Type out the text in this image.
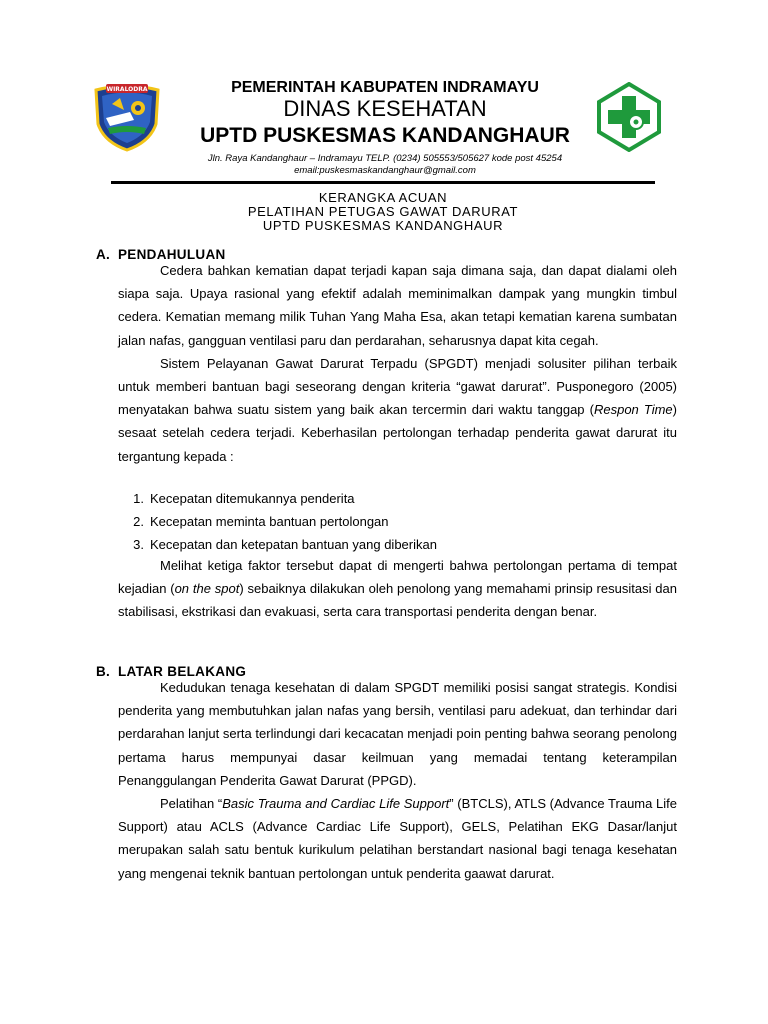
WIRALODRA	PEMERINTAH KABUPATEN INDRAMAYU
DINAS KESEHATAN
UPTD PUSKESMAS KANDANGHAUR
Jln. Raya Kandanghaur – Indramayu TELP. (0234) 505553/505627 kode post 45254
email:puskesmaskandanghaur@gmail.com
KERANGKA ACUAN
PELATIHAN PETUGAS GAWAT DARURAT
UPTD PUSKESMAS KANDANGHAUR
A. PENDAHULUAN

Cedera bahkan kematian dapat terjadi kapan saja dimana saja, dan dapat dialami oleh siapa saja. Upaya rasional yang efektif adalah meminimalkan dampak yang mungkin timbul cedera. Kematian memang milik Tuhan Yang Maha Esa, akan tetapi kematian karena sumbatan jalan nafas, gangguan ventilasi paru dan perdarahan, seharusnya dapat kita cegah.

Sistem Pelayanan Gawat Darurat Terpadu (SPGDT) menjadi solusiter pilihan terbaik untuk memberi bantuan bagi seseorang dengan kriteria “gawat darurat”. Pusponegoro (2005) menyatakan bahwa suatu sistem yang baik akan tercermin dari waktu tanggap (Respon Time) sesaat setelah cedera terjadi. Keberhasilan pertolongan terhadap penderita gawat darurat itu tergantung kepada :

1. Kecepatan ditemukannya penderita
2. Kecepatan meminta bantuan pertolongan
3. Kecepatan dan ketepatan bantuan yang diberikan

Melihat ketiga faktor tersebut dapat di mengerti bahwa pertolongan pertama di tempat kejadian (on the spot) sebaiknya dilakukan oleh penolong yang memahami prinsip resusitasi dan stabilisasi, ekstrikasi dan evakuasi, serta cara transportasi penderita dengan benar.

B. LATAR BELAKANG

Kedudukan tenaga kesehatan di dalam SPGDT memiliki posisi sangat strategis. Kondisi penderita yang membutuhkan jalan nafas yang bersih, ventilasi paru adekuat, dan terhindar dari perdarahan lanjut serta terlindungi dari kecacatan menjadi poin penting bahwa seorang penolong pertama harus mempunyai dasar keilmuan yang memadai tentang keterampilan Penanggulangan Penderita Gawat Darurat (PPGD).

Pelatihan “Basic Trauma and Cardiac Life Support” (BTCLS), ATLS (Advance Trauma Life Support) atau ACLS (Advance Cardiac Life Support), GELS, Pelatihan EKG Dasar/lanjut merupakan salah satu bentuk kurikulum pelatihan berstandart nasional bagi tenaga kesehatan yang mengenai teknik bantuan pertolongan untuk penderita gaawat darurat.
